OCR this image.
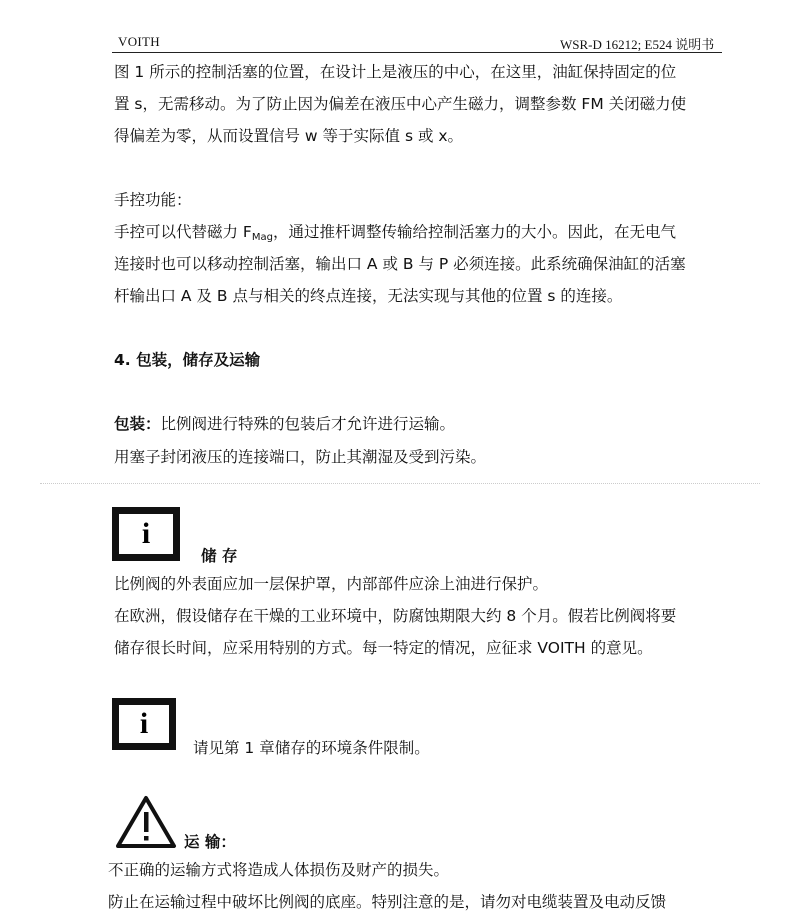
VOITH	WSR-D 16212; E524 说明书
图 1 所示的控制活塞的位置，在设计上是液压的中心，在这里，油缸保持固定的位
置 s，无需移动。为了防止因为偏差在液压中心产生磁力，调整参数 FM 关闭磁力使
得偏差为零，从而设置信号 w 等于实际值 s 或 x。
手控功能：
手控可以代替磁力 $F_{Mag}$，通过推杆调整传输给控制活塞力的大小。因此，在无电气
连接时也可以移动控制活塞，输出口 A 或 B 与 P 必须连接。此系统确保油缸的活塞
杆输出口 A 及 B 点与相关的终点连接，无法实现与其他的位置 s 的连接。
4. 包装，储存及运输
包装：比例阀进行特殊的包装后才允许进行运输。
用塞子封闭液压的连接端口，防止其潮湿及受到污染。
i
储 存
比例阀的外表面应加一层保护罩，内部部件应涂上油进行保护。
在欧洲，假设储存在干燥的工业环境中，防腐蚀期限大约 8 个月。假若比例阀将要
储存很长时间，应采用特别的方式。每一特定的情况，应征求 VOITH 的意见。
i
请见第 1 章储存的环境条件限制。
运 输：
不正确的运输方式将造成人体损伤及财产的损失。
防止在运输过程中破坏比例阀的底座。特别注意的是，请勿对电缆装置及电动反馈
